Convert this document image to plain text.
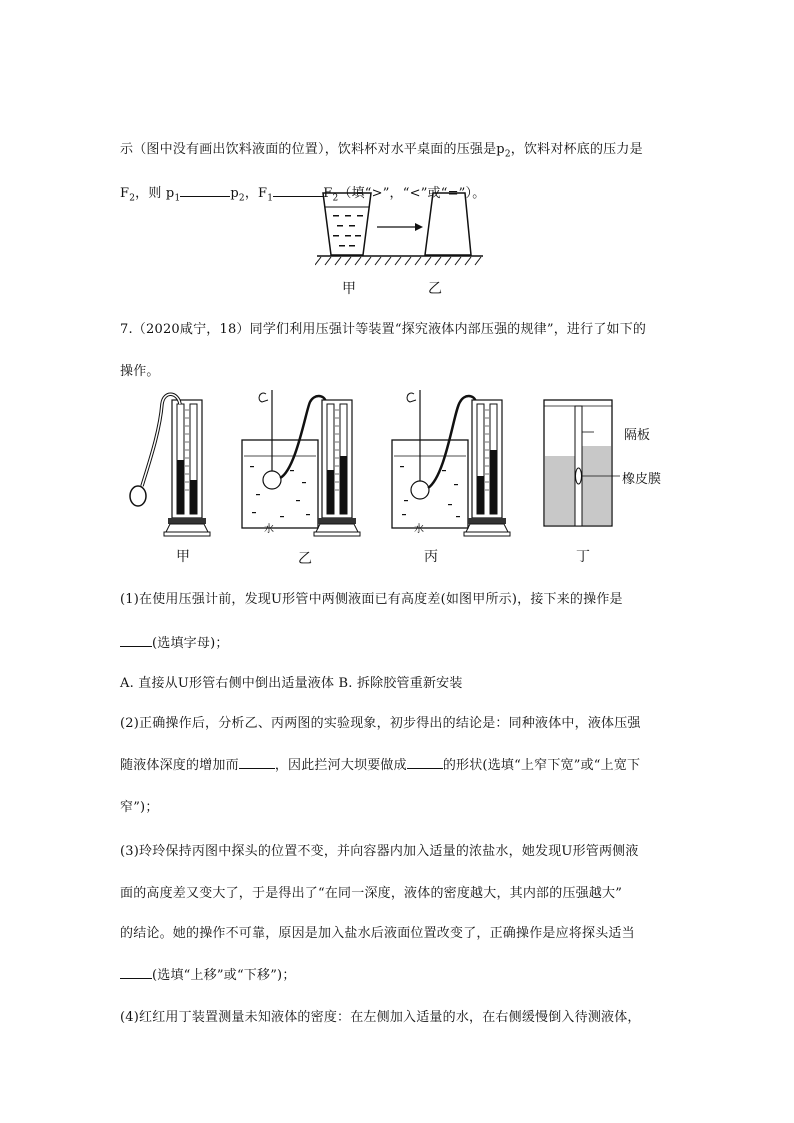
示（图中没有画出饮料液面的位置），饮料杯对水平桌面的压强是$p_2$，饮料对杯底的压力是
$F_2$，则 $p_1$	$p_2$，$F_1$	$F_2$（填“>”，“<”或“=”）。
甲	乙
7.（2020咸宁，18）同学们利用压强计等装置“探究液体内部压强的规律”，进行了如下的
操作。
隔板
橡皮膜
水	水
甲	乙	丙	丁
(1)在使用压强计前，发现U形管中两侧液面已有高度差(如图甲所示)，接下来的操作是
(选填字母)；
A. 直接从U形管右侧中倒出适量液体 B. 拆除胶管重新安装
(2)正确操作后，分析乙、丙两图的实验现象，初步得出的结论是：同种液体中，液体压强
随液体深度的增加而	，因此拦河大坝要做成	的形状(选填“上窄下宽”或“上宽下
窄”)；
(3)玲玲保持丙图中探头的位置不变，并向容器内加入适量的浓盐水，她发现U形管两侧液
面的高度差又变大了，于是得出了“在同一深度，液体的密度越大，其内部的压强越大”
的结论。她的操作不可靠，原因是加入盐水后液面位置改变了，正确操作是应将探头适当
(选填“上移”或“下移”)；
(4)红红用丁装置测量未知液体的密度：在左侧加入适量的水，在右侧缓慢倒入待测液体，
